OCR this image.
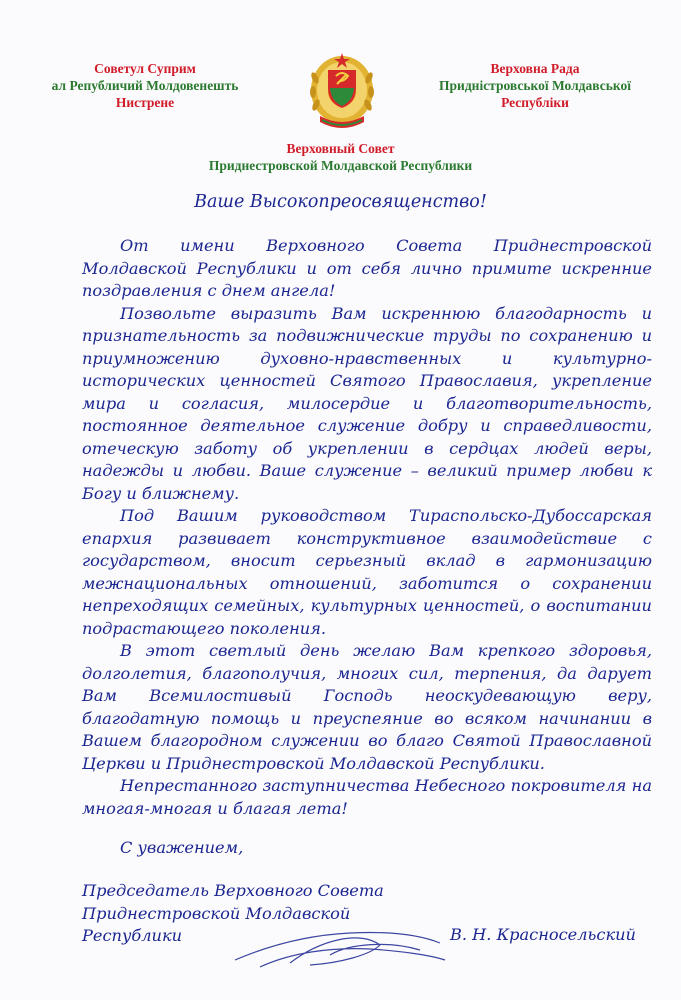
Советул Суприм
ал Републичий Молдовенешть
Нистрене
Верховна Рада
Придністровської Молдавської
Республіки
Верховный Совет
Приднестровской Молдавской Республики
Ваше Высокопреосвященство!

От имени Верховного Совета Приднестровской Молдавской Республики и от себя лично примите искренние поздравления с днем ангела!

Позвольте выразить Вам искреннюю благодарность и признательность за подвижнические труды по сохранению и приумножению духовно-нравственных и культурно-исторических ценностей Святого Православия, укрепление мира и согласия, милосердие и благотворительность, постоянное деятельное служение добру и справедливости, отеческую заботу об укреплении в сердцах людей веры, надежды и любви. Ваше служение – великий пример любви к Богу и ближнему.

Под Вашим руководством Тираспольско-Дубоссарская епархия развивает конструктивное взаимодействие с государством, вносит серьезный вклад в гармонизацию межнациональных отношений, заботится о сохранении непреходящих семейных, культурных ценностей, о воспитании подрастающего поколения.

В этот светлый день желаю Вам крепкого здоровья, долголетия, благополучия, многих сил, терпения, да дарует Вам Всемилостивый Господь неоскудевающую веру, благодатную помощь и преуспеяние во всяком начинании в Вашем благородном служении во благо Святой Православной Церкви и Приднестровской Молдавской Республики.

Непрестанного заступничества Небесного покровителя на многая-многая и благая лета!

С уважением,
Председатель Верховного Совета
Приднестровской Молдавской
Республики	В. Н. Красносельский
